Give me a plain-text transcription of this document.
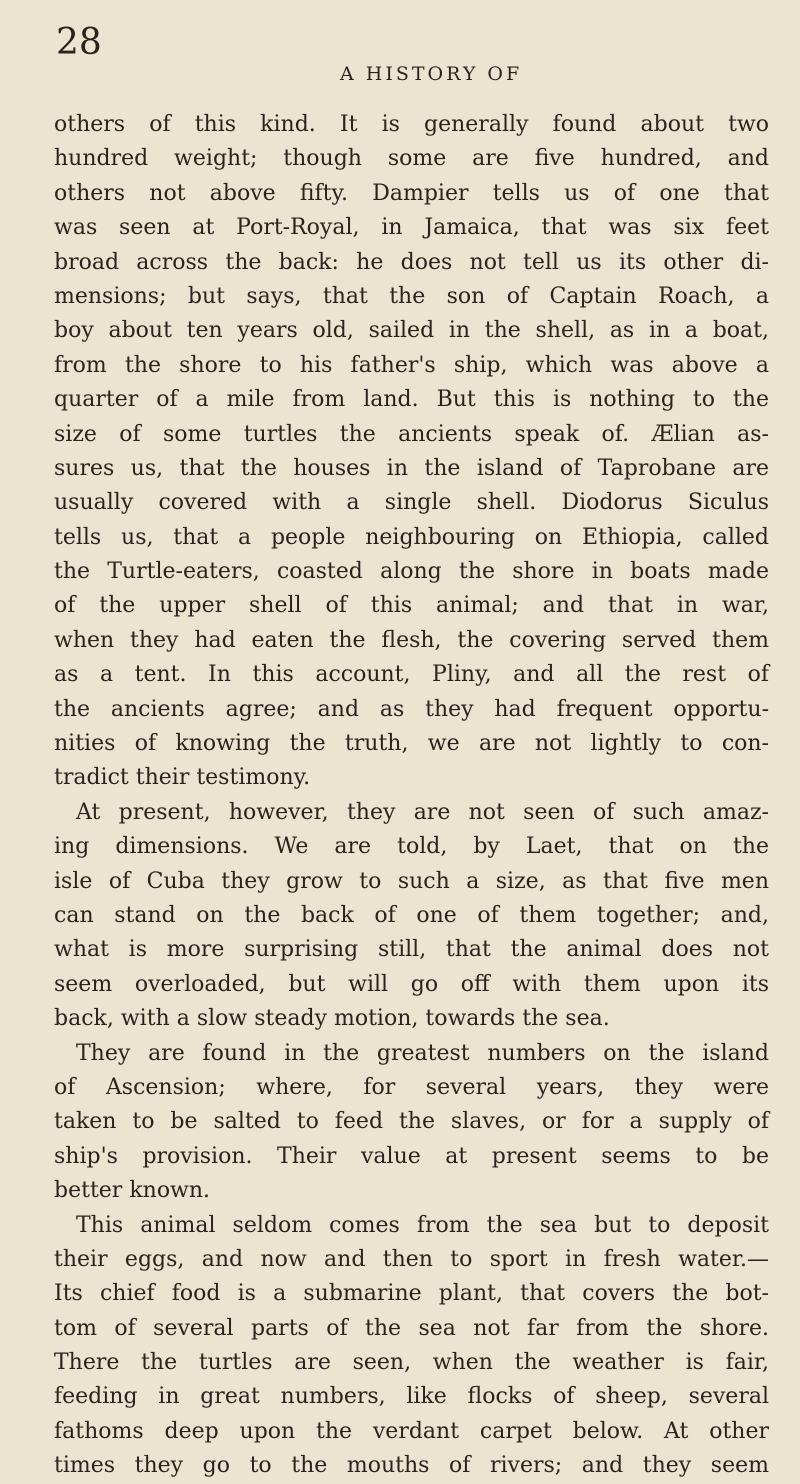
28
A HISTORY OF
others of this kind. It is generally found about two
hundred weight; though some are five hundred, and
others not above fifty. Dampier tells us of one that
was seen at Port-Royal, in Jamaica, that was six feet
broad across the back: he does not tell us its other di-
mensions; but says, that the son of Captain Roach, a
boy about ten years old, sailed in the shell, as in a boat,
from the shore to his father's ship, which was above a
quarter of a mile from land. But this is nothing to the
size of some turtles the ancients speak of. Ælian as-
sures us, that the houses in the island of Taprobane are
usually covered with a single shell. Diodorus Siculus
tells us, that a people neighbouring on Ethiopia, called
the Turtle-eaters, coasted along the shore in boats made
of the upper shell of this animal; and that in war,
when they had eaten the flesh, the covering served them
as a tent. In this account, Pliny, and all the rest of
the ancients agree; and as they had frequent opportu-
nities of knowing the truth, we are not lightly to con-
tradict their testimony.
At present, however, they are not seen of such amaz-
ing dimensions. We are told, by Laet, that on the
isle of Cuba they grow to such a size, as that five men
can stand on the back of one of them together; and,
what is more surprising still, that the animal does not
seem overloaded, but will go off with them upon its
back, with a slow steady motion, towards the sea.
They are found in the greatest numbers on the island
of Ascension; where, for several years, they were
taken to be salted to feed the slaves, or for a supply of
ship's provision. Their value at present seems to be
better known.
This animal seldom comes from the sea but to deposit
their eggs, and now and then to sport in fresh water.—
Its chief food is a submarine plant, that covers the bot-
tom of several parts of the sea not far from the shore.
There the turtles are seen, when the weather is fair,
feeding in great numbers, like flocks of sheep, several
fathoms deep upon the verdant carpet below. At other
times they go to the mouths of rivers; and they seem
